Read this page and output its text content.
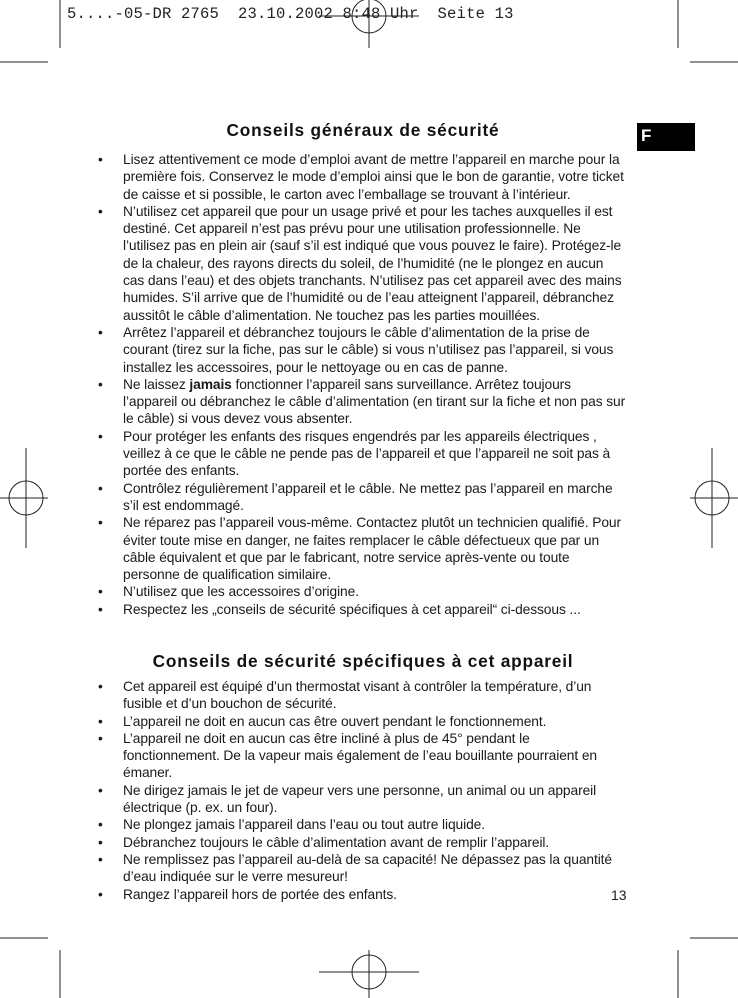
5....-05-DR 2765  23.10.2002 8:48 Uhr  Seite 13
F
Conseils généraux de sécurité
• Lisez attentivement ce mode d’emploi avant de mettre l’appareil en marche pour la première fois. Conservez le mode d’emploi ainsi que le bon de garantie, votre ticket de caisse et si possible, le carton avec l’emballage se trouvant à l’intérieur.
• N’utilisez cet appareil que pour un usage privé et pour les taches auxquelles il est destiné. Cet appareil n’est pas prévu pour une utilisation professionnelle. Ne l’utilisez pas en plein air (sauf s’il est indiqué que vous pouvez le faire). Protégez-le de la chaleur, des rayons directs du soleil, de l’humidité (ne le plongez en aucun cas dans l’eau) et des objets tranchants. N’utilisez pas cet appareil avec des mains humides. S’il arrive que de l’humidité ou de l’eau atteignent l’appareil, débranchez aussitôt le câble d’alimentation. Ne touchez pas les parties mouillées.
• Arrêtez l’appareil et débranchez toujours le câble d’alimentation de la prise de courant (tirez sur la fiche, pas sur le câble) si vous n’utilisez pas l’appareil, si vous installez les accessoires, pour le nettoyage ou en cas de panne.
• Ne laissez jamais fonctionner l’appareil sans surveillance. Arrêtez toujours l’appareil ou débranchez le câble d’alimentation (en tirant sur la fiche et non pas sur le câble) si vous devez vous absenter.
• Pour protéger les enfants des risques engendrés par les appareils électriques , veillez à ce que le câble ne pende pas de l’appareil et que l’appareil ne soit pas à portée des enfants.
• Contrôlez régulièrement l’appareil et le câble. Ne mettez pas l’appareil en marche s’il est endommagé.
• Ne réparez pas l’appareil vous-même. Contactez plutôt un technicien qualifié. Pour éviter toute mise en danger, ne faites remplacer le câble défectueux que par un câble équivalent et que par le fabricant, notre service après-vente ou toute personne de qualification similaire.
• N’utilisez que les accessoires d’origine.
• Respectez les „conseils de sécurité spécifiques à cet appareil“ ci-dessous ...
Conseils de sécurité spécifiques à cet appareil
• Cet appareil est équipé d’un thermostat visant à contrôler la température, d’un fusible et d’un bouchon de sécurité.
• L’appareil ne doit en aucun cas être ouvert pendant le fonctionnement.
• L’appareil ne doit en aucun cas être incliné à plus de 45° pendant le fonctionnement. De la vapeur mais également de l’eau bouillante pourraient en émaner.
• Ne dirigez jamais le jet de vapeur vers une personne, un animal ou un appareil électrique (p. ex. un four).
• Ne plongez jamais l’appareil dans l’eau ou tout autre liquide.
• Débranchez toujours le câble d’alimentation avant de remplir l’appareil.
• Ne remplissez pas l’appareil au-delà de sa capacité! Ne dépassez pas la quantité d’eau indiquée sur le verre mesureur!
• Rangez l’appareil hors de portée des enfants.	13
